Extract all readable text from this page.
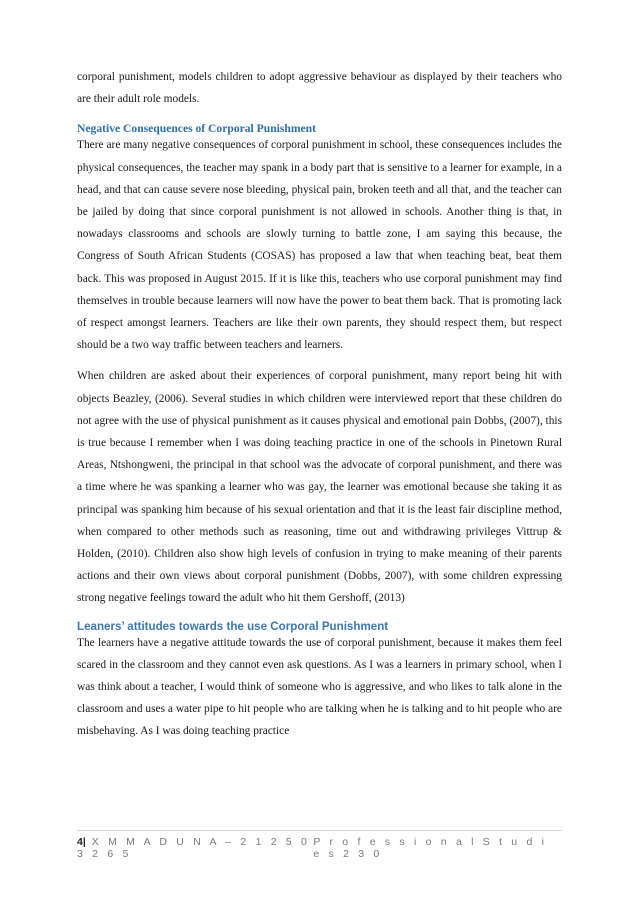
corporal punishment, models children to adopt aggressive behaviour as displayed by their teachers who are their adult role models.

Negative Consequences of Corporal Punishment

There are many negative consequences of corporal punishment in school, these consequences includes the physical consequences, the teacher may spank in a body part that is sensitive to a learner for example, in a head, and that can cause severe nose bleeding, physical pain, broken teeth and all that, and the teacher can be jailed by doing that since corporal punishment is not allowed in schools. Another thing is that, in nowadays classrooms and schools are slowly turning to battle zone, I am saying this because, the Congress of South African Students (COSAS) has proposed a law that when teaching beat, beat them back. This was proposed in August 2015. If it is like this, teachers who use corporal punishment may find themselves in trouble because learners will now have the power to beat them back. That is promoting lack of respect amongst learners. Teachers are like their own parents, they should respect them, but respect should be a two way traffic between teachers and learners.

When children are asked about their experiences of corporal punishment, many report being hit with objects Beazley, (2006). Several studies in which children were interviewed report that these children do not agree with the use of physical punishment as it causes physical and emotional pain Dobbs, (2007), this is true because I remember when I was doing teaching practice in one of the schools in Pinetown Rural Areas, Ntshongweni, the principal in that school was the advocate of corporal punishment, and there was a time where he was spanking a learner who was gay, the learner was emotional because she taking it as principal was spanking him because of his sexual orientation and that it is the least fair discipline method, when compared to other methods such as reasoning, time out and withdrawing privileges Vittrup & Holden, (2010). Children also show high levels of confusion in trying to make meaning of their parents actions and their own views about corporal punishment (Dobbs, 2007), with some children expressing strong negative feelings toward the adult who hit them Gershoff, (2013)

Leaners’ attitudes towards the use Corporal Punishment

The learners have a negative attitude towards the use of corporal punishment, because it makes them feel scared in the classroom and they cannot even ask questions. As I was a learners in primary school, when I was think about a teacher, I would think of someone who is aggressive, and who likes to talk alone in the classroom and uses a water pipe to hit people who are talking when he is talking and to hit people who are misbehaving. As I was doing teaching practice

4| X M M A D U N A – 2 1 2 5 0 3 2 6 5
P r o f e s s i o n a l S t u d i e s 2 3 0
